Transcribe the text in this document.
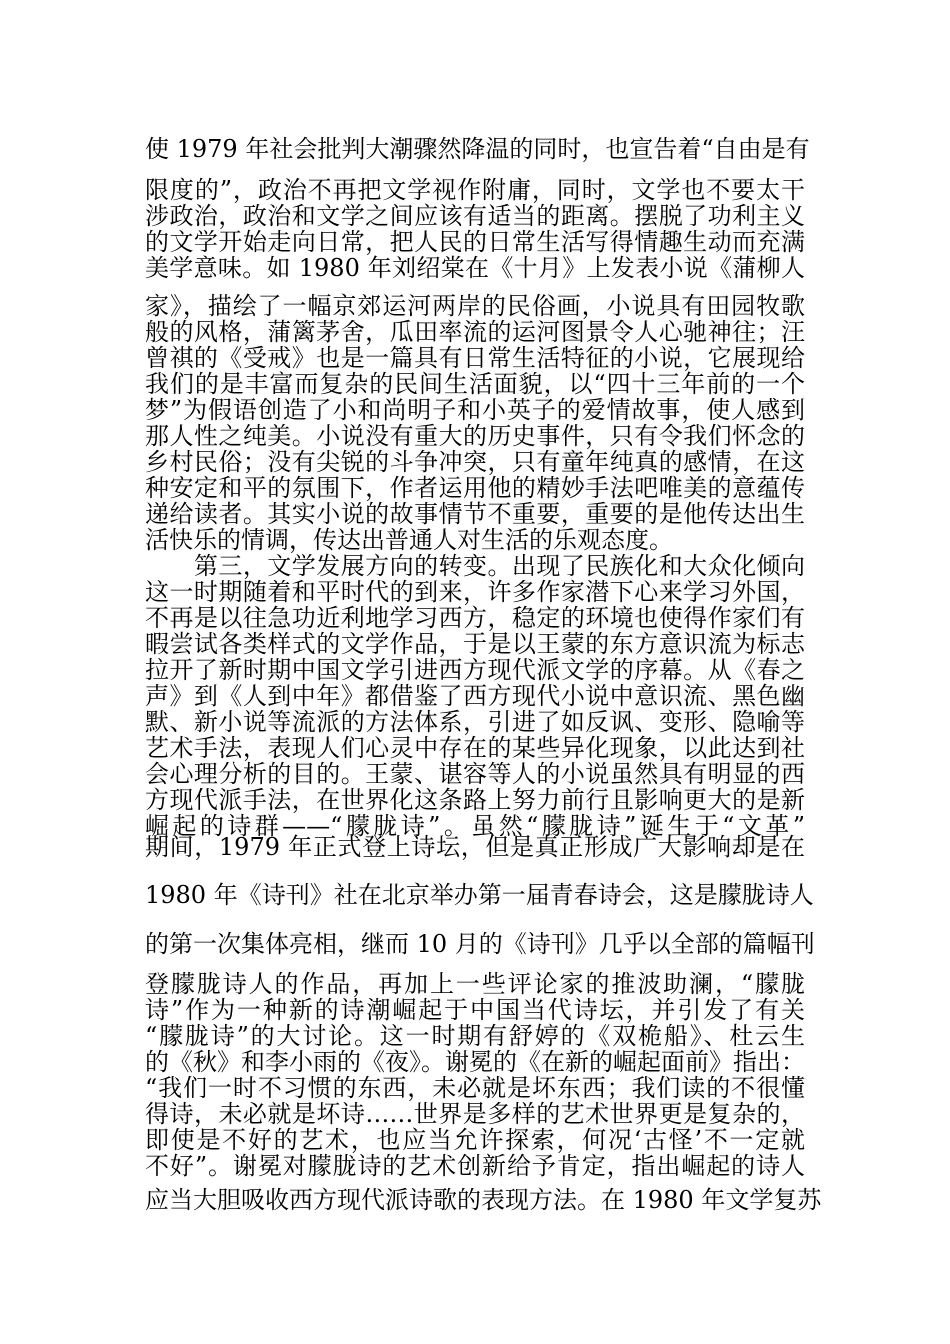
使 1979 年社会批判大潮骤然降温的同时，也宣告着“自由是有

限度的”，政治不再把文学视作附庸，同时，文学也不要太干

涉政治，政治和文学之间应该有适当的距离。摆脱了功利主义

的文学开始走向日常，把人民的日常生活写得情趣生动而充满

美学意味。如 1980 年刘绍棠在《十月》上发表小说《蒲柳人

家》，描绘了一幅京郊运河两岸的民俗画，小说具有田园牧歌

般的风格，蒲篱茅舍，瓜田率流的运河图景令人心驰神往；汪

曾祺的《受戒》也是一篇具有日常生活特征的小说，它展现给

我们的是丰富而复杂的民间生活面貌，以“四十三年前的一个

梦”为假语创造了小和尚明子和小英子的爱情故事，使人感到

那人性之纯美。小说没有重大的历史事件，只有令我们怀念的

乡村民俗；没有尖锐的斗争冲突，只有童年纯真的感情，在这

种安定和平的氛围下，作者运用他的精妙手法吧唯美的意蕴传

递给读者。其实小说的故事情节不重要，重要的是他传达出生

活快乐的情调，传达出普通人对生活的乐观态度。

　　第三，文学发展方向的转变。出现了民族化和大众化倾向

这一时期随着和平时代的到来，许多作家潜下心来学习外国，

不再是以往急功近利地学习西方，稳定的环境也使得作家们有

暇尝试各类样式的文学作品，于是以王蒙的东方意识流为标志

拉开了新时期中国文学引进西方现代派文学的序幕。从《春之

声》到《人到中年》都借鉴了西方现代小说中意识流、黑色幽

默、新小说等流派的方法体系，引进了如反讽、变形、隐喻等

艺术手法，表现人们心灵中存在的某些异化现象，以此达到社

会心理分析的目的。王蒙、谌容等人的小说虽然具有明显的西

方现代派手法，在世界化这条路上努力前行且影响更大的是新

崛起的诗群——“朦胧诗”。虽然“朦胧诗”诞生于“文革”

期间，1979 年正式登上诗坛，但是真正形成广大影响却是在

1980 年《诗刊》社在北京举办第一届青春诗会，这是朦胧诗人

的第一次集体亮相，继而 10 月的《诗刊》几乎以全部的篇幅刊

登朦胧诗人的作品，再加上一些评论家的推波助澜，“朦胧

诗”作为一种新的诗潮崛起于中国当代诗坛，并引发了有关

“朦胧诗”的大讨论。这一时期有舒婷的《双桅船》、杜云生

的《秋》和李小雨的《夜》。谢冕的《在新的崛起面前》指出：

“我们一时不习惯的东西，未必就是坏东西；我们读的不很懂

得诗，未必就是坏诗……世界是多样的艺术世界更是复杂的，

即使是不好的艺术，也应当允许探索，何况‘古怪’不一定就

不好”。谢冕对朦胧诗的艺术创新给予肯定，指出崛起的诗人

应当大胆吸收西方现代派诗歌的表现方法。在 1980 年文学复苏
